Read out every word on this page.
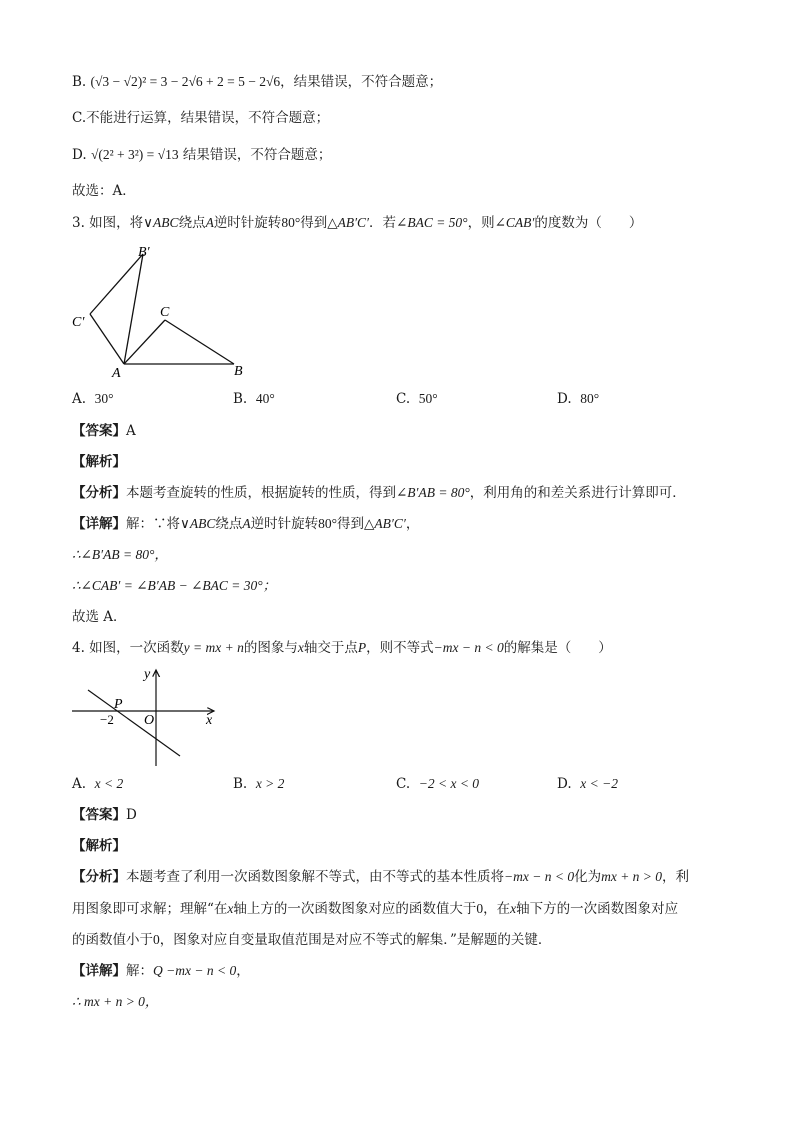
B. (√3 − √2)² = 3 − 2√6 + 2 = 5 − 2√6，结果错误，不符合题意；
C.不能进行运算，结果错误，不符合题意；
D. √(2² + 3²) = √13 结果错误，不符合题意；
故选：A．
3. 如图，将∨ABC绕点A逆时针旋转80°得到△AB′C′．若∠BAC = 50°，则∠CAB′的度数为（　　）
B′
C′
C
A	B
A. 30°	B. 40°	C. 50°	D. 80°
【答案】A
【解析】
【分析】本题考查旋转的性质，根据旋转的性质，得到∠B′AB = 80°，利用角的和差关系进行计算即可．
【详解】解：∵将∨ABC绕点A逆时针旋转80°得到△AB′C′，
∴∠B′AB = 80°，
∴∠CAB′ = ∠B′AB − ∠BAC = 30°；
故选 A．
4. 如图，一次函数y = mx + n的图象与x轴交于点P，则不等式−mx − n < 0的解集是（　　）
y
P
−2 O	x
A. x < 2	B. x > 2	C. −2 < x < 0	D. x < −2
【答案】D
【解析】
【分析】本题考查了利用一次函数图象解不等式，由不等式的基本性质将−mx − n < 0化为mx + n > 0，利
用图象即可求解；理解“在x轴上方的一次函数图象对应的函数值大于0，在x轴下方的一次函数图象对应
的函数值小于0，图象对应自变量取值范围是对应不等式的解集．”是解题的关键．
【详解】解：Q −mx − n < 0，
∴ mx + n > 0，
